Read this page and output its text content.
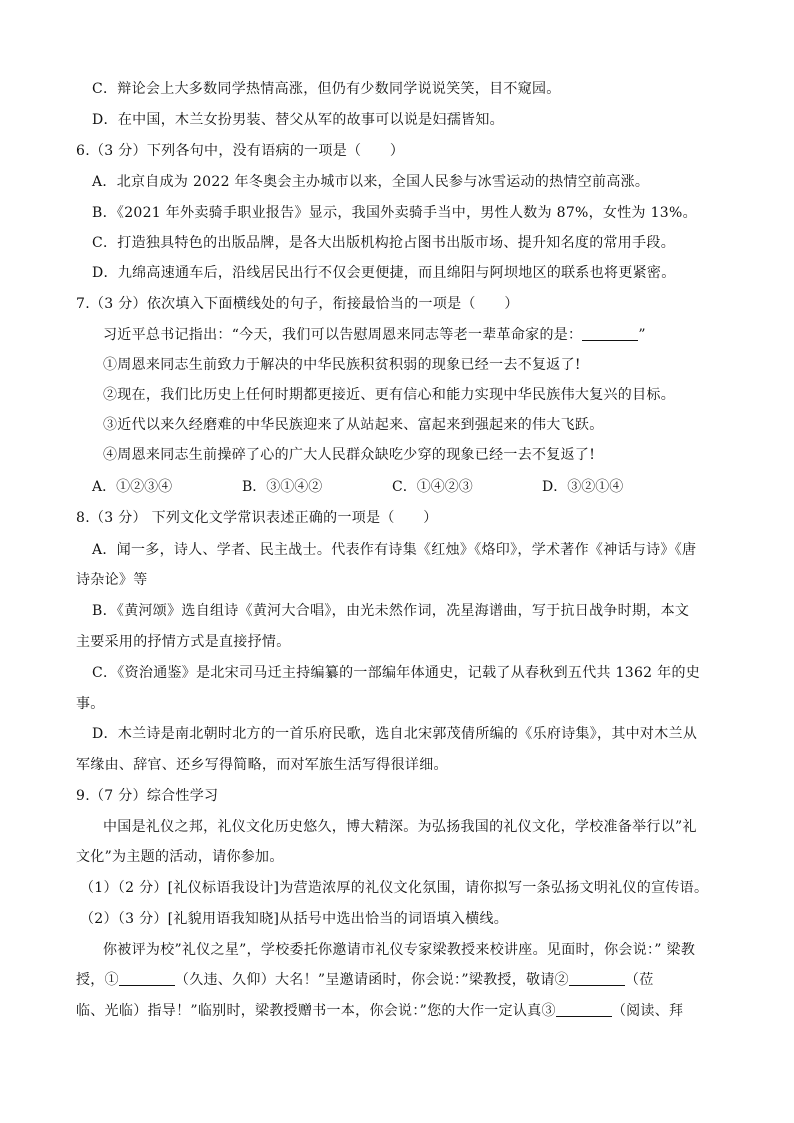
C．辩论会上大多数同学热情高涨，但仍有少数同学说说笑笑，目不窥园。
D．在中国，木兰女扮男装、替父从军的故事可以说是妇孺皆知。
6.（3 分）下列各句中，没有语病的一项是（　　）
A．北京自成为 2022 年冬奥会主办城市以来，全国人民参与冰雪运动的热情空前高涨。
B．《2021 年外卖骑手职业报告》显示，我国外卖骑手当中，男性人数为 87%，女性为 13%。
C．打造独具特色的出版品牌，是各大出版机构抢占图书出版市场、提升知名度的常用手段。
D．九绵高速通车后，沿线居民出行不仅会更便捷，而且绵阳与阿坝地区的联系也将更紧密。
7.（3 分）依次填入下面横线处的句子，衔接最恰当的一项是（　　）
习近平总书记指出：“今天，我们可以告慰周恩来同志等老一辈革命家的是：	”
①周恩来同志生前致力于解决的中华民族积贫积弱的现象已经一去不复返了!
②现在，我们比历史上任何时期都更接近、更有信心和能力实现中华民族伟大复兴的目标。
③近代以来久经磨难的中华民族迎来了从站起来、富起来到强起来的伟大飞跃。
④周恩来同志生前操碎了心的广大人民群众缺吃少穿的现象已经一去不复返了!
A．①②③④	B．③①④②	C．①④②③	D．③②①④
8.（3 分） 下列文化文学常识表述正确的一项是（　　）
A．闻一多，诗人、学者、民主战士。代表作有诗集《红烛》《烙印》，学术著作《神话与诗》《唐
诗杂论》等
B．《黄河颂》选自组诗《黄河大合唱》，由光未然作词，冼星海谱曲，写于抗日战争时期，本文
主要采用的抒情方式是直接抒情。
C．《资治通鉴》是北宋司马迁主持编纂的一部编年体通史，记载了从春秋到五代共 1362 年的史
事。
D．木兰诗是南北朝时北方的一首乐府民歌，选自北宋郭茂倩所编的《乐府诗集》，其中对木兰从
军缘由、辞官、还乡写得简略，而对军旅生活写得很详细。
9.（7 分）综合性学习
中国是礼仪之邦，礼仪文化历史悠久，博大精深。为弘扬我国的礼仪文化，学校准备举行以”礼
文化”为主题的活动，请你参加。
（1）（2 分）[礼仪标语我设计]为营造浓厚的礼仪文化氛围，请你拟写一条弘扬文明礼仪的宣传语。
（2）（3 分）[礼貌用语我知晓]从括号中选出恰当的词语填入横线。
你被评为校”礼仪之星”，学校委托你邀请市礼仪专家梁教授来校讲座。见面时，你会说：” 梁教
授，①	（久违、久仰）大名！”呈邀请函时，你会说：”梁教授，敬请②	（莅
临、光临）指导！”临别时，梁教授赠书一本，你会说：”您的大作一定认真③	（阅读、拜
